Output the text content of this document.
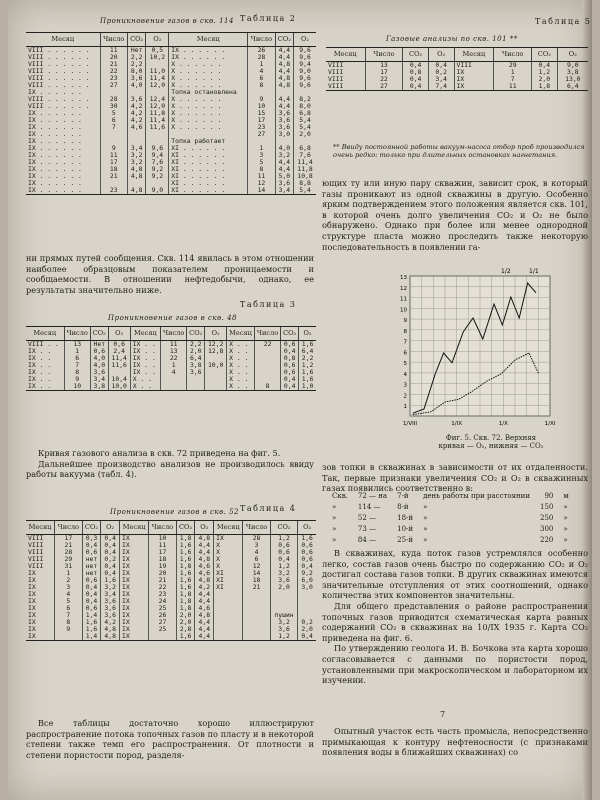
Проникновение газов в скв. 114 Таблица 2
Месяц	Число	CO₂	O₂	Месяц	Число	CO₂	O₂
VIII . . . . . .	11	Нет	0,5	IX . . . . . .	26	4,4	9,6
VIII . . . . . .	20	2,2	10,2	IX . . . . . .	28	4,4	9,6
VIII . . . . . .	21	2,2		X . . . . . .	1	4,8	9,4
VIII . . . . . .	22	8,0	11,0	X . . . . . .	4	4,4	9,0
VIII . . . . . .	23	3,6	11,4	X . . . . . .	6	4,8	9,6
VIII . . . . . .	27	4,0	12,0	X . . . . . .	8	4,8	9,6
IX . . . . . .				Топка остановлена			
VIII . . . . . .	28	3,6	12,4	X . . . . . .	9	4,4	8,2
VIII . . . . . .	30	4,2	12,0	X . . . . . .	10	4,4	8,0
IX . . . . . .	5	4,2	11,8	X . . . . . .	15	3,6	6,8
IX . . . . . .	6	4,2	11,4	X . . . . . .	17	3,6	5,4
IX . . . . . .	7	4,6	11,6	X . . . . . .	23	3,6	5,4
IX . . . . . .					27	3,0	2,0
IX . . . . . .				Топка работает			
IX . . . . . .	9	3,4	9,6	XI . . . . . .	1	4,0	6,8
IX . . . . . .	11	3,2	9,4	XI . . . . . .	3	3,2	7,6
IX . . . . . .	17	3,2	7,6	XI . . . . . .	5	4,4	11,4
IX . . . . . .	18	4,8	9,2	XI . . . . . .	8	4,4	11,8
IX . . . . . .	21	4,8	9,2	XI . . . . . .	11	5,0	10,8
IX . . . . . .				XI . . . . . .	12	3,6	8,8
IX . . . . . .	23	4,8	9,0	XI . . . . . .	14	3,4	5,4
Газовые анализы по скв. 101 **
Таблица 5
Месяц	Число	CO₂	O₂	Месяц	Число	CO₂	O₂
VIII	13	0,4	0,4	VIII	29	0,4	9,0
VIII	17	0,8	0,2	IX	1	1,2	3,8
VIII	22	0,4	3,4	IX	7	2,0	13,0
VIII	27	0,4	7,4	IX	11	1,8	6,4
** Ввиду постоянной работы вакуум-насоса отбор проб производился очень редко: только при длительных остановках нагнетания.

ющих ту или иную пару скважин, зависит срок, в который газы проникают из одной скважины в другую. Особенно ярким подтверждением этого положения является скв. 101, в которой очень долго увеличения CO₂ и O₂ не было обнаружено. Однако при более или менее однородной структуре пласта можно проследить также некоторую последовательность в появлении га-

ни прямых путей сообщения. Скв. 114 явилась в этом отношении наиболее образцовым показателем проницаемости и сообщаемости. В отношении нефтедобычи, однако, ее результаты значительно ниже.

Таблица 3
Проникновение газов в скв. 48
Месяц	Число	CO₂	O₂	Месяц	Число	CO₂	O₂	Месяц	Число	CO₂	O₂
VIII . .	13	Нет	0,6	IX . .	11	2,2	12,2	X . .	22	0,6	1,6
IX . .	1	0,6	2,4	IX . .	13	2,0	12,8	X . .		0,4	6,4
IX . .	6	4,0	11,4	IX . .	22	6,4		X . .		0,8	2,2
IX . .	7	4,0	11,6	IX . .	1	3,8	10,0	X . .		0,6	1,2
IX . .	8	3,6		IX . .	4	3,6		X . .		0,6	1,6
IX . .	9	3,4	10,4	X . .				X . .		0,4	1,6
IX . .	10	3,8	10,0	X . .				X . .	8	0,4	1,0

Кривая газового анализа в скв. 72 приведена на фиг. 5.

Дальнейшее производство анализов не производилось ввиду работы вакуума (табл. 4).

Проникновение газов в скв. 52 Таблица 4
Месяц	Число	CO₂	O₂	Месяц	Число	CO₂	O₂	Месяц	Число	CO₂	O₂
VIII	17	0,3	0,4	IX	10	1,8	4,8	IX	28	1,2	1,6
VIII	21	0,4	0,4	IX	11	1,6	4,4	X	3	0,6	0,6
VIII	28	0,6	0,4	IX	17	1,6	4,4	X	4	0,6	0,6
VIII	29	нет	0,2	IX	18	1,6	4,8	X	6	0,4	0,6
VIII	31	нет	0,4	IX	19	1,8	4,6	X	12	1,2	0,4
IX	1	нет	0,4	IX	20	1,6	4,6	XI	14	3,2	9,2
IX	2	0,6	1,6	IX	21	1,6	4,8	XI	18	3,6	6,0
IX	3	0,4	3,2	IX	22	1,6	4,2	XI	21	2,0	3,0
IX	4	0,4	3,4	IX	23	1,8	4,4				
IX	5	0,4	3,6	IX	24	1,8	4,4				
IX	6	0,6	3,6	IX	25	1,8	4,6				
IX	7	1,4	3,6	IX	26	2,0	4,8			пушин	
IX	8	1,6	4,2	IX	27	2,0	4,4			3,2	0,2
IX	9	1,6	4,8	IX	25	2,8	4,4			3,6	2,0
IX		1,4	4,8	IX		1,6	4,4			1,2	0,4

Все таблицы достаточно хорошо иллюстрируют распространение потока топочных газов по пласту и в некоторой степени также темп его распространения. От плотности и степени пористости пород, разделя-

13
12
11
10
9
8
7
6
5
4
3
2
1
1/VIII	1/IX	1/X	1/XI
1/2	1/1
Фиг. 5. Скв. 72. Верхняя
кривая — O₂, нижняя — CO₂

зов топки в скважинах в зависимости от их отдаленности. Так, первые признаки увеличения CO₂ и O₂ в скважинных газах появились соответственно в:

Скв.	72 — на	7-й	день работы при расстоянии	90	м
»	114 —	8-й	»	150	»
»	52 —	18-й	»	250	»
»	73 —	10-й	»	300	»
»	84 —	25-й	»	220	»

В скважинах, куда поток газов устремлялся особенно легко, состав газов очень быстро по содержанию CO₂ и O₂ достигал состава газов топки. В других скважинах имеются значительные отступления от этих соотношений, однако количества этих компонентов значительны.

Для общего представления о районе распространения топочных газов приводится схематическая карта равных содержаний CO₂ в скважинах на 10/IX 1935 г. Карта CO₂ приведена на фиг. 6.

По утверждению геолога И. В. Бочкова эта карта хорошо согласовывается с данными по пористости пород, установленными при макроскопическом и лабораторном их изучении.

7

Опытный участок есть часть промысла, непосредственно примыкающая к контуру нефтеносности (с признаками появления воды в ближайших скважинах) со
